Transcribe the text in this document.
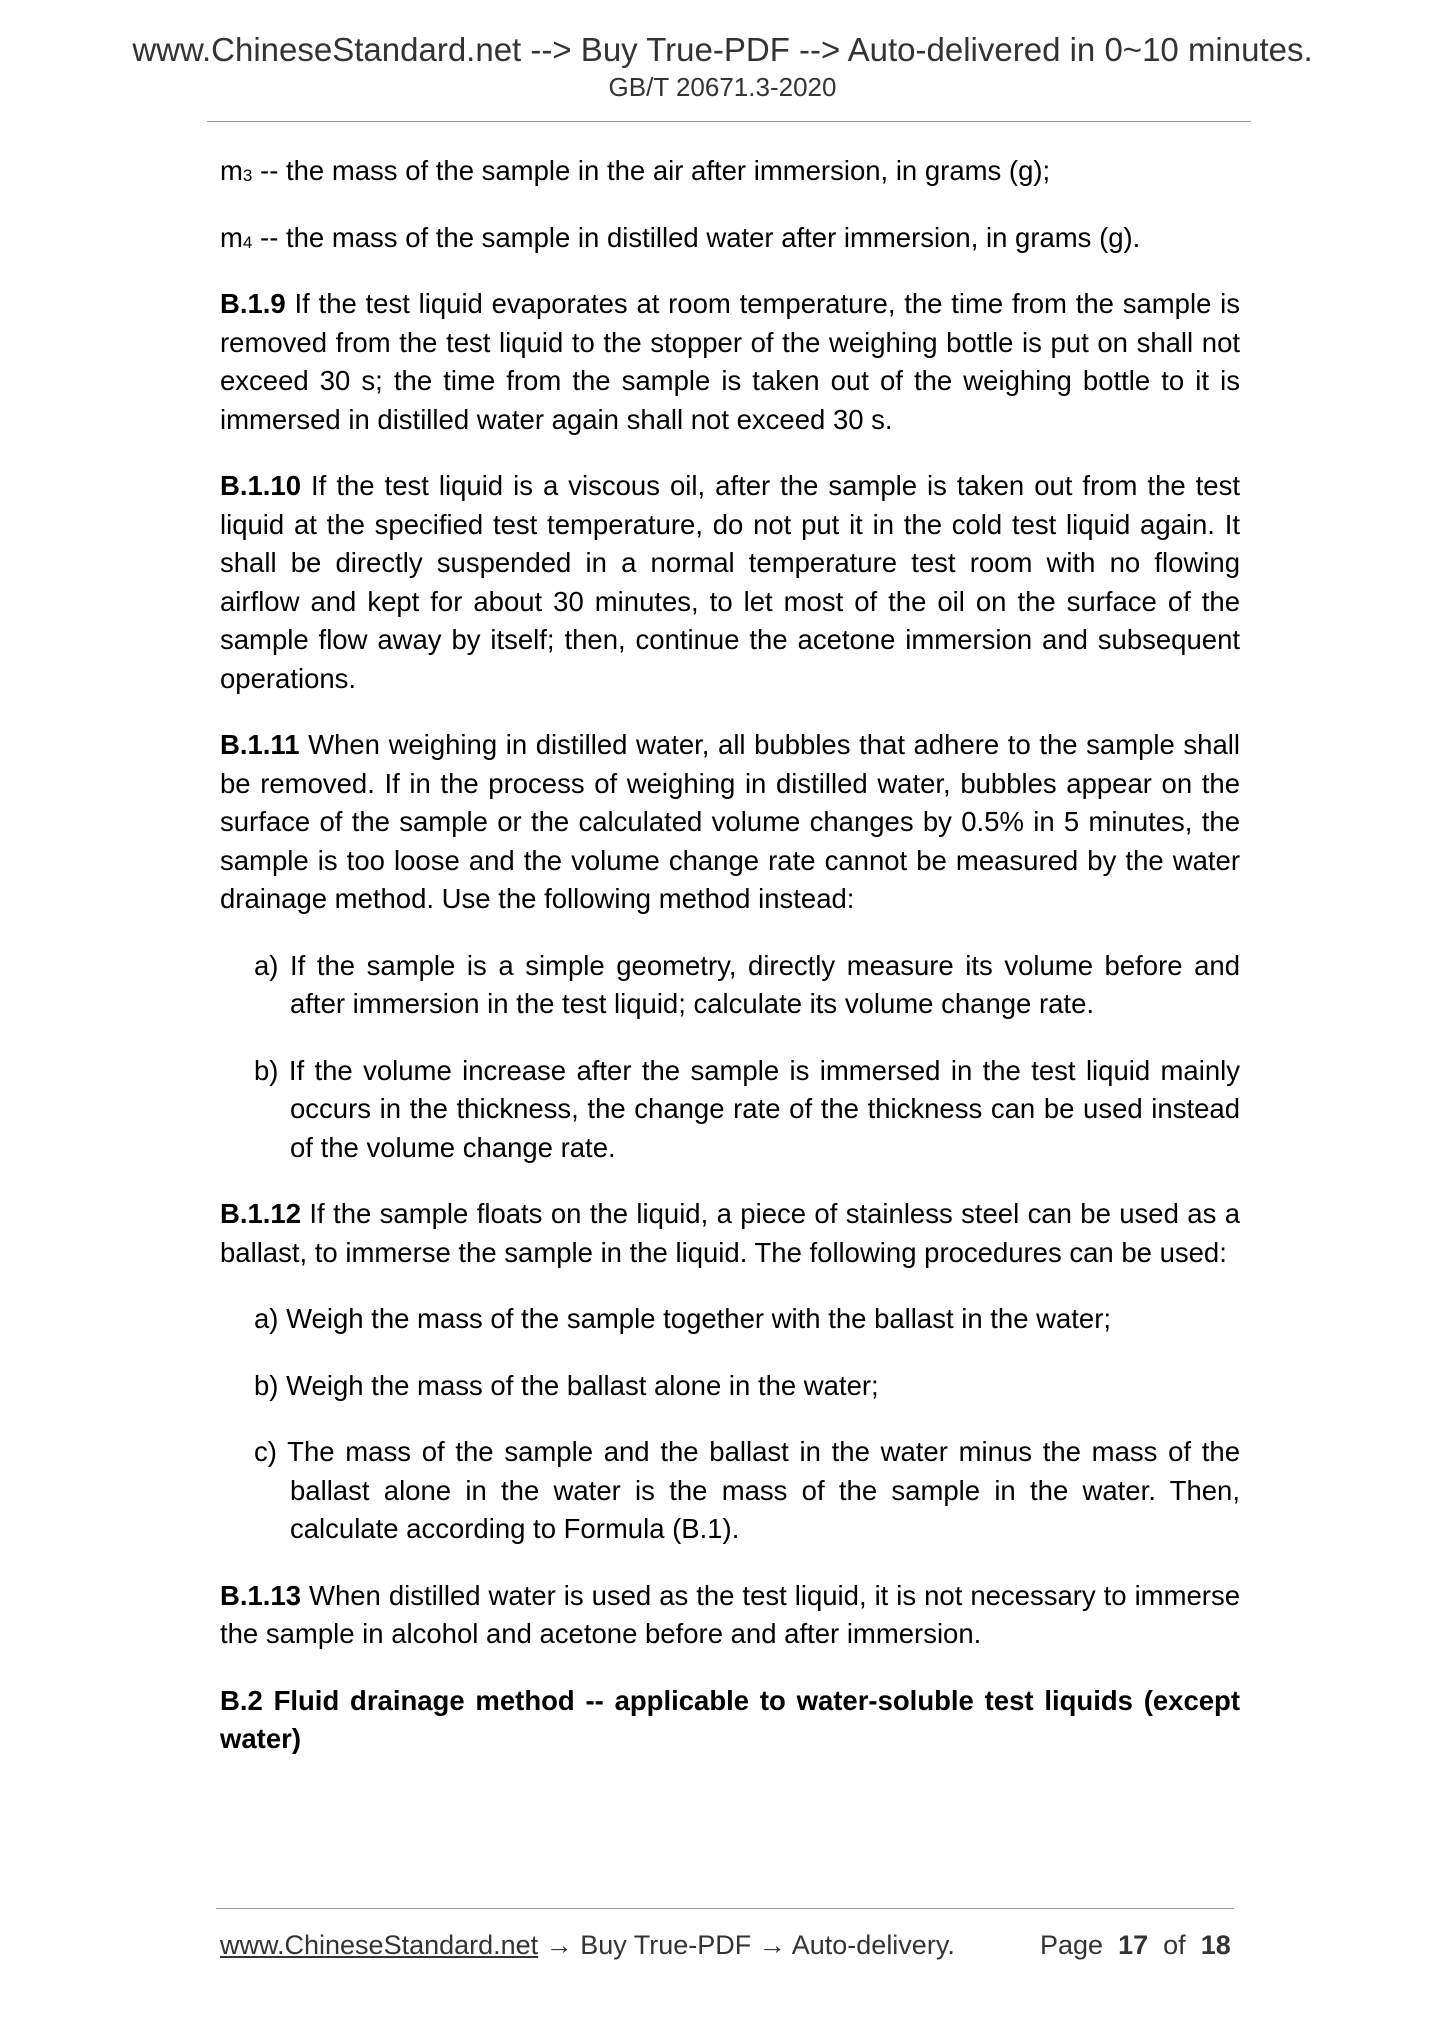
www.ChineseStandard.net --> Buy True-PDF --> Auto-delivered in 0~10 minutes.
GB/T 20671.3-2020

$m_3$ -- the mass of the sample in the air after immersion, in grams (g);

$m_4$ -- the mass of the sample in distilled water after immersion, in grams (g).

B.1.9 If the test liquid evaporates at room temperature, the time from the sample is removed from the test liquid to the stopper of the weighing bottle is put on shall not exceed 30 s; the time from the sample is taken out of the weighing bottle to it is immersed in distilled water again shall not exceed 30 s.

B.1.10 If the test liquid is a viscous oil, after the sample is taken out from the test liquid at the specified test temperature, do not put it in the cold test liquid again. It shall be directly suspended in a normal temperature test room with no flowing airflow and kept for about 30 minutes, to let most of the oil on the surface of the sample flow away by itself; then, continue the acetone immersion and subsequent operations.

B.1.11 When weighing in distilled water, all bubbles that adhere to the sample shall be removed. If in the process of weighing in distilled water, bubbles appear on the surface of the sample or the calculated volume changes by 0.5% in 5 minutes, the sample is too loose and the volume change rate cannot be measured by the water drainage method. Use the following method instead:

a) If the sample is a simple geometry, directly measure its volume before and after immersion in the test liquid; calculate its volume change rate.

b) If the volume increase after the sample is immersed in the test liquid mainly occurs in the thickness, the change rate of the thickness can be used instead of the volume change rate.

B.1.12 If the sample floats on the liquid, a piece of stainless steel can be used as a ballast, to immerse the sample in the liquid. The following procedures can be used:

a) Weigh the mass of the sample together with the ballast in the water;

b) Weigh the mass of the ballast alone in the water;

c) The mass of the sample and the ballast in the water minus the mass of the ballast alone in the water is the mass of the sample in the water. Then, calculate according to Formula (B.1).

B.1.13 When distilled water is used as the test liquid, it is not necessary to immerse the sample in alcohol and acetone before and after immersion.

B.2 Fluid drainage method -- applicable to water-soluble test liquids (except water)

www.ChineseStandard.net → Buy True-PDF → Auto-delivery.	Page 17 of 18
